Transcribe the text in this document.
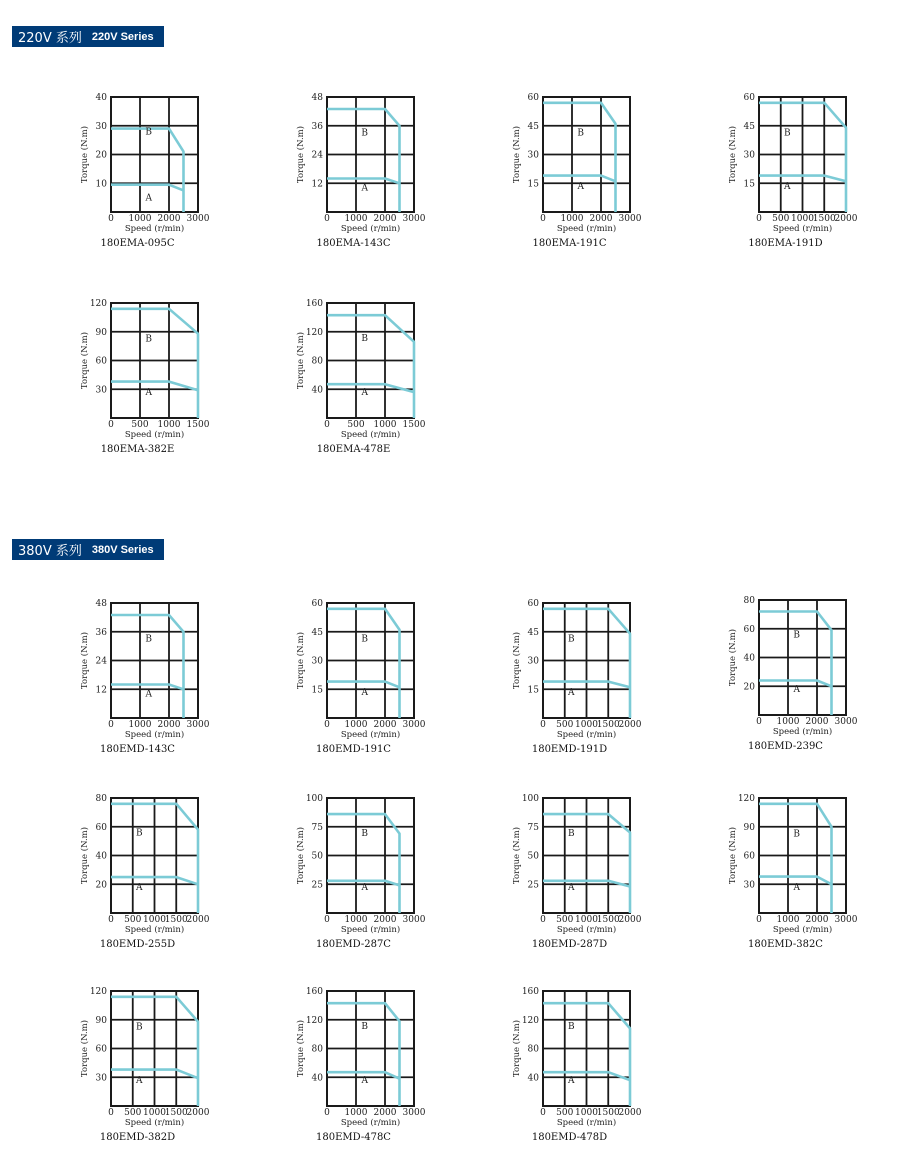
220V 系列 220V Series
380V 系列 380V Series
B
A
10
20
30
40
0 1000 2000 3000
Speed (r/min)
Torque (N.m)
180EMA-095C
B
A
12
24
36
48
0 1000 2000 3000
Speed (r/min)
Torque (N.m)
180EMA-143C
B
A
15
30
45
60
0 1000 2000 3000
Speed (r/min)
Torque (N.m)
180EMA-191C
B
A
15
30
45
60
0 500 1000
1500
2000
Speed (r/min)
Torque (N.m)
180EMA-191D
B
A
30
60
90
120
0 500 1000 1500
Speed (r/min)
Torque (N.m)
180EMA-382E
B
A
40
80
120
160
0 500 1000 1500
Speed (r/min)
Torque (N.m)
180EMA-478E
B
A
12
24
36
48
0 1000 2000 3000
Speed (r/min)
Torque (N.m)
180EMD-143C
B
A
15
30
45
60
0 1000 2000 3000
Speed (r/min)
Torque (N.m)
180EMD-191C
B
A
15
30
45
60
0 500 1000
1500
2000
Speed (r/min)
Torque (N.m)
180EMD-191D
B
A
20
40
60
80
0 1000 2000 3000
Speed (r/min)
Torque (N.m)
180EMD-239C
B
A
20
40
60
80
0 500 1000
1500
2000
Speed (r/min)
Torque (N.m)
180EMD-255D
B
A
25
50
75
100
0 1000 2000 3000
Speed (r/min)
Torque (N.m)
180EMD-287C
B
A
25
50
75
100
0 500 1000
1500
2000
Speed (r/min)
Torque (N.m)
180EMD-287D
B
A
30
60
90
120
0 1000 2000 3000
Speed (r/min)
Torque (N.m)
180EMD-382C
B
A
30
60
90
120
0 500 1000
1500
2000
Speed (r/min)
Torque (N.m)
180EMD-382D
B
A
40
80
120
160
0 1000 2000 3000
Speed (r/min)
Torque (N.m)
180EMD-478C
B
A
40
80
120
160
0 500 1000
1500
2000
Speed (r/min)
Torque (N.m)
180EMD-478D
